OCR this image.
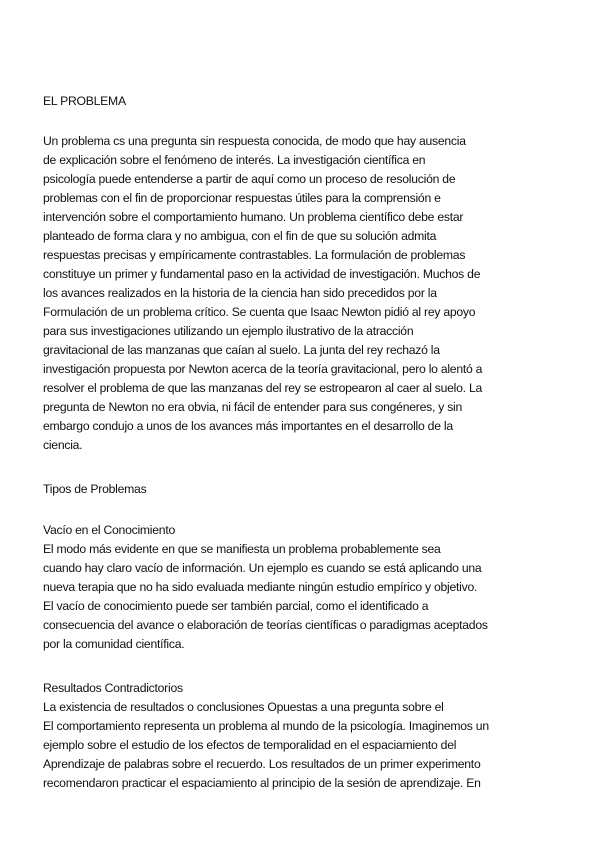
EL PROBLEMA
Un problema cs una pregunta sin respuesta conocida, de modo que hay ausencia
de explicación sobre el fenómeno de interés. La investigación científica en
psicología puede entenderse a partir de aquí como un proceso de resolución de
problemas con el fin de proporcionar respuestas útiles para la comprensión e
intervención sobre el comportamiento humano. Un problema científico debe estar
planteado de forma clara y no ambigua, con el fin de que su solución admita
respuestas precisas y empíricamente contrastables. La formulación de problemas
constituye un primer y fundamental paso en la actividad de investigación. Muchos de
los avances realizados en la historia de la ciencia han sido precedidos por la
Formulación de un problema crítico. Se cuenta que Isaac Newton pidió al rey apoyo
para sus investigaciones utilizando un ejemplo ilustrativo de la atracción
gravitacional de las manzanas que caían al suelo. La junta del rey rechazó la
investigación propuesta por Newton acerca de la teoría gravitacional, pero lo alentó a
resolver el problema de que las manzanas del rey se estropearon al caer al suelo. La
pregunta de Newton no era obvia, ni fácil de entender para sus congéneres, y sin
embargo condujo a unos de los avances más importantes en el desarrollo de la
ciencia.
Tipos de Problemas
Vacío en el Conocimiento
El modo más evidente en que se manifiesta un problema probablemente sea
cuando hay claro vacío de información. Un ejemplo es cuando se está aplicando una
nueva terapia que no ha sido evaluada mediante ningún estudio empírico y objetivo.
El vacío de conocimiento puede ser también parcial, como el identificado a
consecuencia del avance o elaboración de teorías científicas o paradigmas aceptados
por la comunidad científica.
Resultados Contradictorios
La existencia de resultados o conclusiones Opuestas a una pregunta sobre el
El comportamiento representa un problema al mundo de la psicología. Imaginemos un
ejemplo sobre el estudio de los efectos de temporalidad en el espaciamiento del
Aprendizaje de palabras sobre el recuerdo. Los resultados de un primer experimento
recomendaron practicar el espaciamiento al principio de la sesión de aprendizaje. En
